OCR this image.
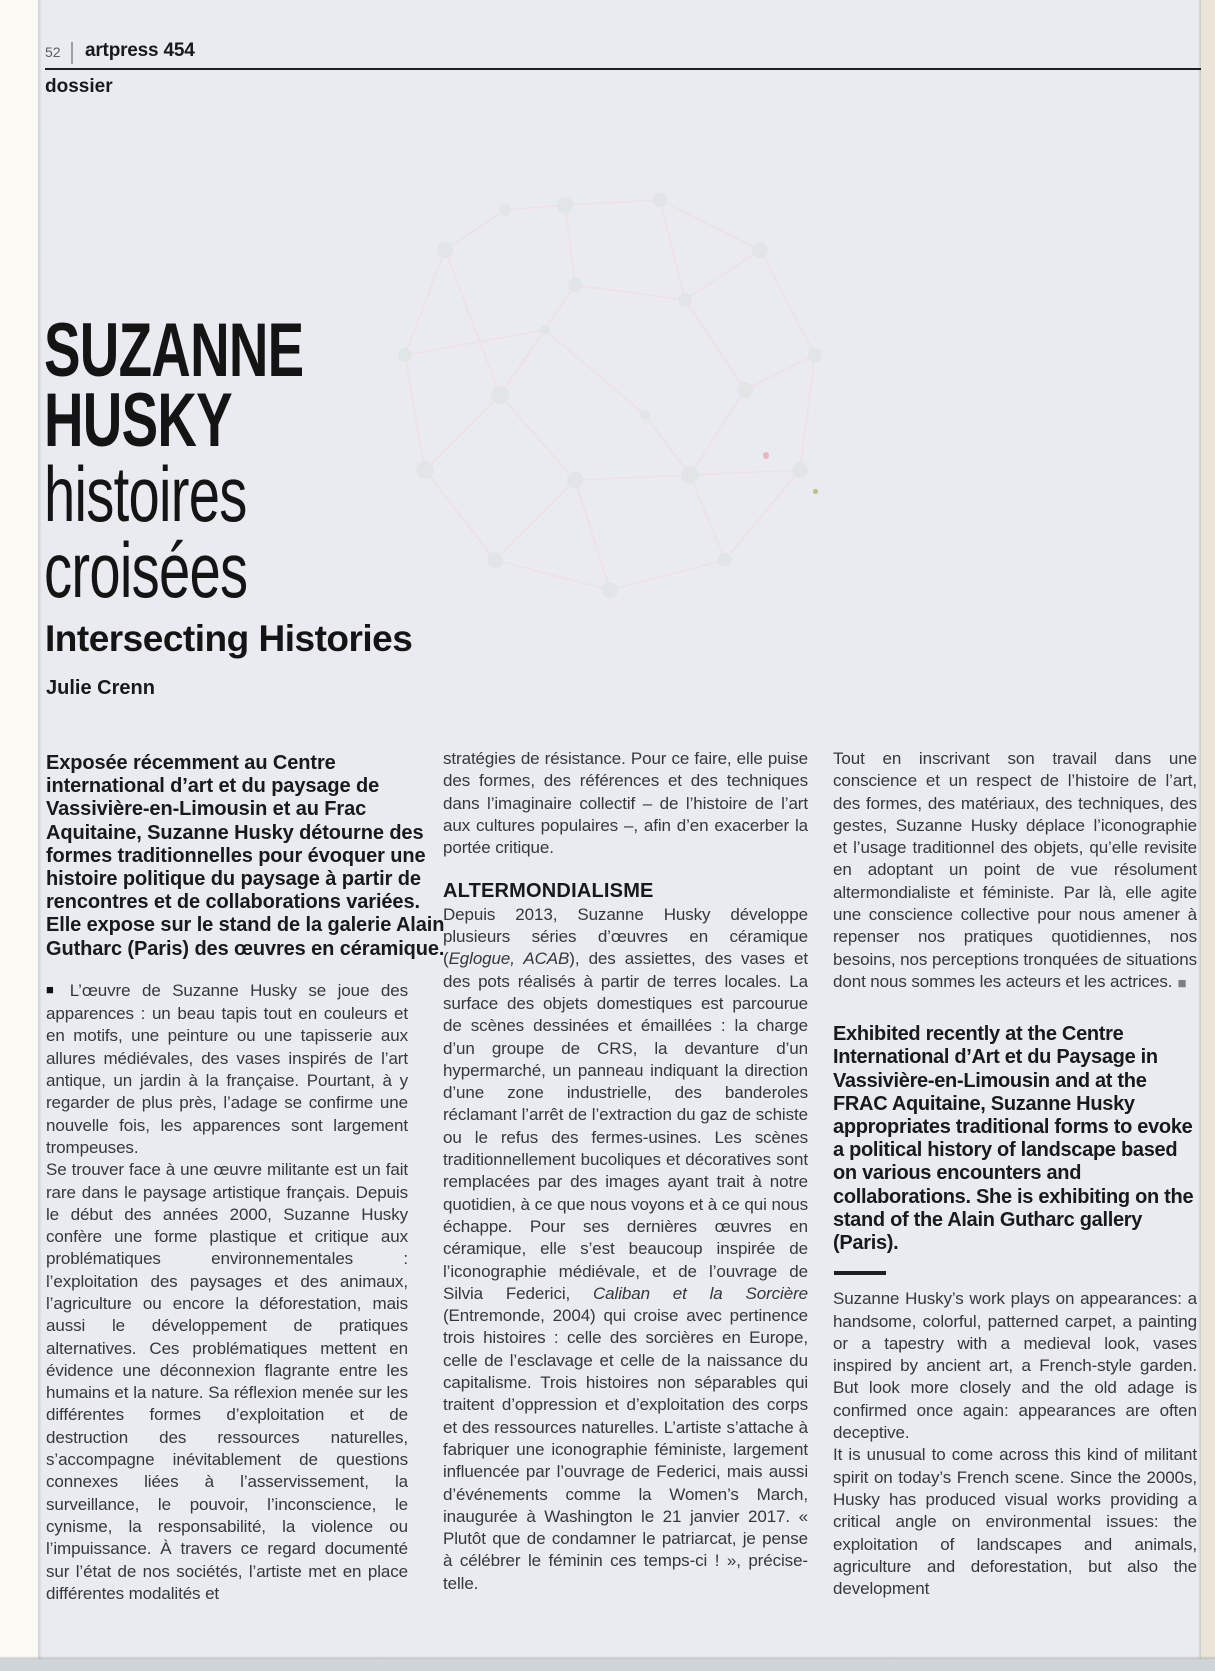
52 artpress 454
dossier
SUZANNE
HUSKY
histoires
croisées
Intersecting Histories
Julie Crenn

Exposée récemment au Centre international d’art et du paysage de Vassivière-en-Limousin et au Frac Aquitaine, Suzanne Husky détourne des formes traditionnelles pour évoquer une histoire politique du paysage à partir de rencontres et de collaborations variées. Elle expose sur le stand de la galerie Alain Gutharc (Paris) des œuvres en céramique.

■ L’œuvre de Suzanne Husky se joue des apparences : un beau tapis tout en couleurs et en motifs, une peinture ou une tapisserie aux allures médiévales, des vases inspirés de l’art antique, un jardin à la française. Pourtant, à y regarder de plus près, l’adage se confirme une nouvelle fois, les apparences sont largement trompeuses.

Se trouver face à une œuvre militante est un fait rare dans le paysage artistique français. Depuis le début des années 2000, Suzanne Husky confère une forme plastique et critique aux problématiques environnementales : l’exploitation des paysages et des animaux, l’agriculture ou encore la déforestation, mais aussi le développement de pratiques alternatives. Ces problématiques mettent en évidence une déconnexion flagrante entre les humains et la nature. Sa réflexion menée sur les différentes formes d’exploitation et de destruction des ressources naturelles, s’accompagne inévitablement de questions connexes liées à l’asservissement, la surveillance, le pouvoir, l’inconscience, le cynisme, la responsabilité, la violence ou l’impuissance. À travers ce regard documenté sur l’état de nos sociétés, l’artiste met en place différentes modalités et

stratégies de résistance. Pour ce faire, elle puise des formes, des références et des techniques dans l’imaginaire collectif – de l’histoire de l’art aux cultures populaires –, afin d’en exacerber la portée critique.

ALTERMONDIALISME

Depuis 2013, Suzanne Husky développe plusieurs séries d’œuvres en céramique (Eglogue, ACAB), des assiettes, des vases et des pots réalisés à partir de terres locales. La surface des objets domestiques est parcourue de scènes dessinées et émaillées : la charge d’un groupe de CRS, la devanture d’un hypermarché, un panneau indiquant la direction d’une zone industrielle, des banderoles réclamant l’arrêt de l’extraction du gaz de schiste ou le refus des fermes-usines. Les scènes traditionnellement bucoliques et décoratives sont remplacées par des images ayant trait à notre quotidien, à ce que nous voyons et à ce qui nous échappe. Pour ses dernières œuvres en céramique, elle s’est beaucoup inspirée de l’iconographie médiévale, et de l’ouvrage de Silvia Federici, Caliban et la Sorcière (Entremonde, 2004) qui croise avec pertinence trois histoires : celle des sorcières en Europe, celle de l’esclavage et celle de la naissance du capitalisme. Trois histoires non séparables qui traitent d’oppression et d’exploitation des corps et des ressources naturelles. L’artiste s’attache à fabriquer une iconographie féministe, largement influencée par l’ouvrage de Federici, mais aussi d’événements comme la Women’s March, inaugurée à Washington le 21 janvier 2017. « Plutôt que de condamner le patriarcat, je pense à célébrer le féminin ces temps-ci ! », précise-telle.

Tout en inscrivant son travail dans une conscience et un respect de l’histoire de l’art, des formes, des matériaux, des techniques, des gestes, Suzanne Husky déplace l’iconographie et l’usage traditionnel des objets, qu’elle revisite en adoptant un point de vue résolument altermondialiste et féministe. Par là, elle agite une conscience collective pour nous amener à repenser nos pratiques quotidiennes, nos besoins, nos perceptions tronquées de situations dont nous sommes les acteurs et les actrices. ■

Exhibited recently at the Centre International d’Art et du Paysage in Vassivière-en-Limousin and at the FRAC Aquitaine, Suzanne Husky appropriates traditional forms to evoke a political history of landscape based on various encounters and collaborations. She is exhibiting on the stand of the Alain Gutharc gallery (Paris).

Suzanne Husky’s work plays on appearances: a handsome, colorful, patterned carpet, a painting or a tapestry with a medieval look, vases inspired by ancient art, a French-style garden. But look more closely and the old adage is confirmed once again: appearances are often deceptive.

It is unusual to come across this kind of militant spirit on today’s French scene. Since the 2000s, Husky has produced visual works providing a critical angle on environmental issues: the exploitation of landscapes and animals, agriculture and deforestation, but also the development
